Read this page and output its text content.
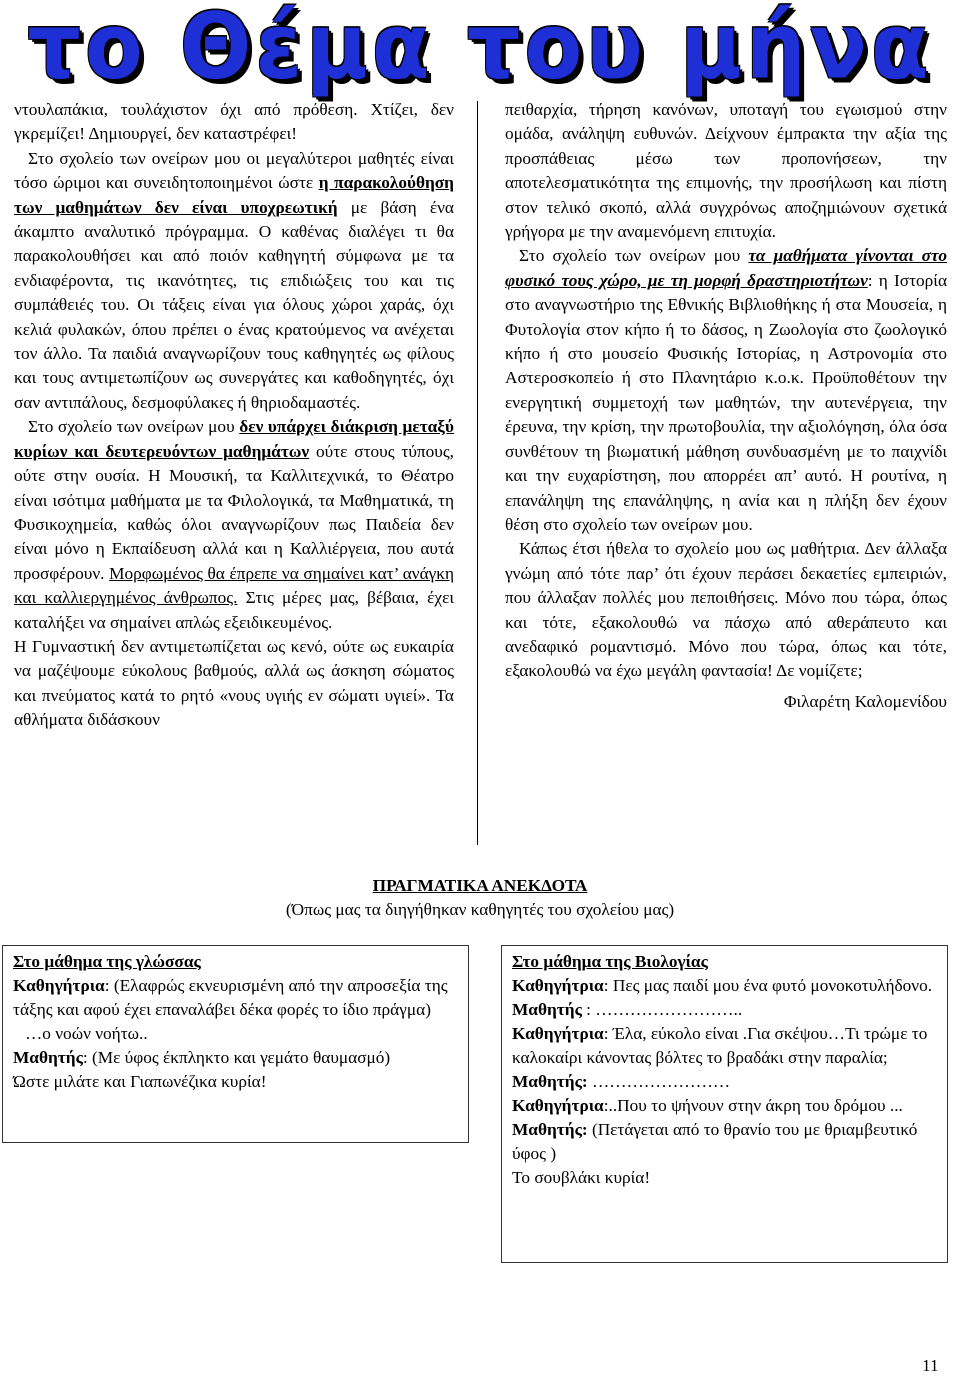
το Θέμα του μήνα

ντουλαπάκια, τουλάχιστον όχι από πρόθεση. Χτίζει, δεν γκρεμίζει! Δημιουργεί, δεν καταστρέφει!

Στο σχολείο των ονείρων μου οι μεγαλύτεροι μαθητές είναι τόσο ώριμοι και συνειδητοποιημένοι ώστε η παρακολούθηση των μαθημάτων δεν είναι υποχρεωτική με βάση ένα άκαμπτο αναλυτικό πρόγραμμα. Ο καθένας διαλέγει τι θα παρακολουθήσει και από ποιόν καθηγητή σύμφωνα με τα ενδιαφέροντα, τις ικανότητες, τις επιδιώξεις του και τις συμπάθειές του. Οι τάξεις είναι για όλους χώροι χαράς, όχι κελιά φυλακών, όπου πρέπει ο ένας κρατούμενος να ανέχεται τον άλλο. Τα παιδιά αναγνωρίζουν τους καθηγητές ως φίλους και τους αντιμετωπίζουν ως συνεργάτες και καθοδηγητές, όχι σαν αντιπάλους, δεσμοφύλακες ή θηριοδαμαστές.

Στο σχολείο των ονείρων μου δεν υπάρχει διάκριση μεταξύ κυρίων και δευτερευόντων μαθημάτων ούτε στους τύπους, ούτε στην ουσία. Η Μουσική, τα Καλλιτεχνικά, το Θέατρο είναι ισότιμα μαθήματα με τα Φιλολογικά, τα Μαθηματικά, τη Φυσικοχημεία, καθώς όλοι αναγνωρίζουν πως Παιδεία δεν είναι μόνο η Εκπαίδευση αλλά και η Καλλιέργεια, που αυτά προσφέρουν. Μορφωμένος θα έπρεπε να σημαίνει κατ’ ανάγκη και καλλιεργημένος άνθρωπος. Στις μέρες μας, βέβαια, έχει καταλήξει να σημαίνει απλώς εξειδικευμένος.

Η Γυμναστική δεν αντιμετωπίζεται ως κενό, ούτε ως ευκαιρία να μαζέψουμε εύκολους βαθμούς, αλλά ως άσκηση σώματος και πνεύματος κατά το ρητό «νους υγιής εν σώματι υγιεί». Τα αθλήματα διδάσκουν

πειθαρχία, τήρηση κανόνων, υποταγή του εγωισμού στην ομάδα, ανάληψη ευθυνών. Δείχνουν έμπρακτα την αξία της προσπάθειας μέσω των προπονήσεων, την αποτελεσματικότητα της επιμονής, την προσήλωση και πίστη στον τελικό σκοπό, αλλά συγχρόνως αποζημιώνουν σχετικά γρήγορα με την αναμενόμενη επιτυχία.

Στο σχολείο των ονείρων μου τα μαθήματα γίνονται στο φυσικό τους χώρο, με τη μορφή δραστηριοτήτων: η Ιστορία στο αναγνωστήριο της Εθνικής Βιβλιοθήκης ή στα Μουσεία, η Φυτολογία στον κήπο ή το δάσος, η Ζωολογία στο ζωολογικό κήπο ή στο μουσείο Φυσικής Ιστορίας, η Αστρονομία στο Αστεροσκοπείο ή στο Πλανητάριο κ.ο.κ. Προϋποθέτουν την ενεργητική συμμετοχή των μαθητών, την αυτενέργεια, την έρευνα, την κρίση, την πρωτοβουλία, την αξιολόγηση, όλα όσα συνθέτουν τη βιωματική μάθηση συνδυασμένη με το παιχνίδι και την ευχαρίστηση, που απορρέει απ’ αυτό. Η ρουτίνα, η επανάληψη της επανάληψης, η ανία και η πλήξη δεν έχουν θέση στο σχολείο των ονείρων μου.

Κάπως έτσι ήθελα το σχολείο μου ως μαθήτρια. Δεν άλλαξα γνώμη από τότε παρ’ ότι έχουν περάσει δεκαετίες εμπειριών, που άλλαξαν πολλές μου πεποιθήσεις. Μόνο που τώρα, όπως και τότε, εξακολουθώ να πάσχω από αθεράπευτο και ανεδαφικό ρομαντισμό. Μόνο που τώρα, όπως και τότε, εξακολουθώ να έχω μεγάλη φαντασία! Δε νομίζετε;

Φιλαρέτη Καλομενίδου

ΠΡΑΓΜΑΤΙΚΑ ΑΝΕΚΔΟΤΑ
(Όπως μας τα διηγήθηκαν καθηγητές του σχολείου μας)

Στο μάθημα της γλώσσας

Καθηγήτρια: (Ελαφρώς εκνευρισμένη από την απροσεξία της τάξης και αφού έχει επαναλάβει δέκα φορές το ίδιο πράγμα)

…ο νοών νοήτω..

Μαθητής: (Με ύφος έκπληκτο και γεμάτο θαυμασμό)

Ώστε μιλάτε και Γιαπωνέζικα κυρία!

Στο μάθημα της Βιολογίας

Καθηγήτρια: Πες μας παιδί μου ένα φυτό μονοκοτυλήδονο.

Μαθητής : ……………………..

Καθηγήτρια: Έλα, εύκολο είναι .Για σκέψου…Τι τρώμε το καλοκαίρι κάνοντας βόλτες το βραδάκι στην παραλία;

Μαθητής: ……………………

Καθηγήτρια:..Που το ψήνουν στην άκρη του δρόμου ...

Μαθητής: (Πετάγεται από το θρανίο του με θριαμβευτικό ύφος )

Το σουβλάκι κυρία!

11
